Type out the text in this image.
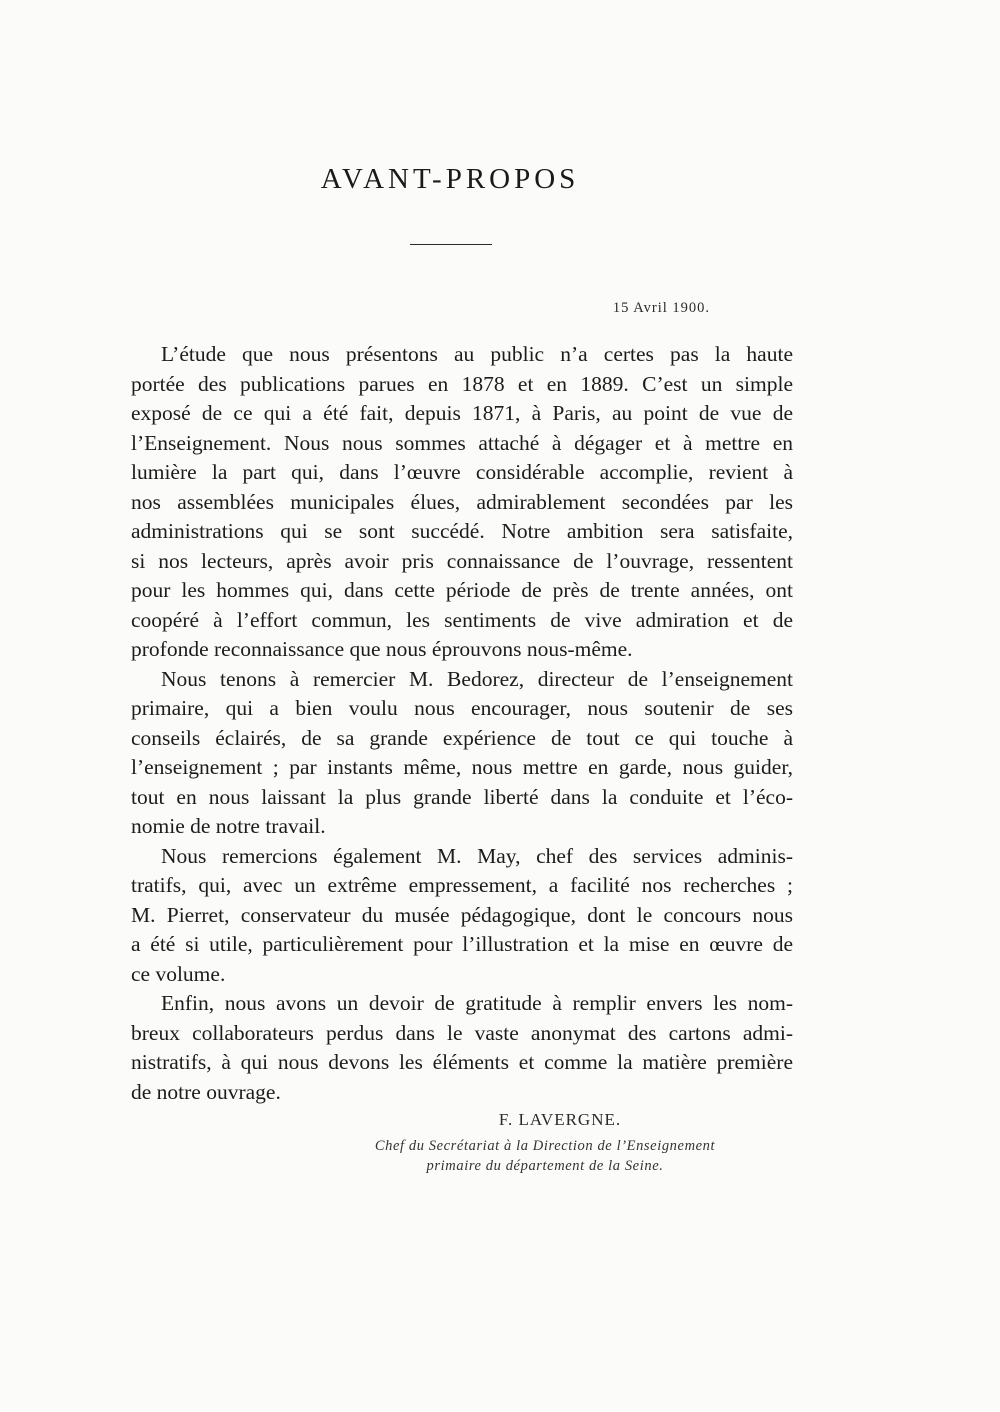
AVANT-PROPOS
15 Avril 1900.
L’étude que nous présentons au public n’a certes pas la haute
portée des publications parues en 1878 et en 1889. C’est un simple
exposé de ce qui a été fait, depuis 1871, à Paris, au point de vue de
l’Enseignement. Nous nous sommes attaché à dégager et à mettre en
lumière la part qui, dans l’œuvre considérable accomplie, revient à
nos assemblées municipales élues, admirablement secondées par les
administrations qui se sont succédé. Notre ambition sera satisfaite,
si nos lecteurs, après avoir pris connaissance de l’ouvrage, ressentent
pour les hommes qui, dans cette période de près de trente années, ont
coopéré à l’effort commun, les sentiments de vive admiration et de
profonde reconnaissance que nous éprouvons nous-même.
Nous tenons à remercier M. Bedorez, directeur de l’enseignement
primaire, qui a bien voulu nous encourager, nous soutenir de ses
conseils éclairés, de sa grande expérience de tout ce qui touche à
l’enseignement ; par instants même, nous mettre en garde, nous guider,
tout en nous laissant la plus grande liberté dans la conduite et l’éco-
nomie de notre travail.
Nous remercions également M. May, chef des services adminis-
tratifs, qui, avec un extrême empressement, a facilité nos recherches ;
M. Pierret, conservateur du musée pédagogique, dont le concours nous
a été si utile, particulièrement pour l’illustration et la mise en œuvre de
ce volume.
Enfin, nous avons un devoir de gratitude à remplir envers les nom-
breux collaborateurs perdus dans le vaste anonymat des cartons admi-
nistratifs, à qui nous devons les éléments et comme la matière première
de notre ouvrage.
F. LAVERGNE.
Chef du Secrétariat à la Direction de l’Enseignement
primaire du département de la Seine.
